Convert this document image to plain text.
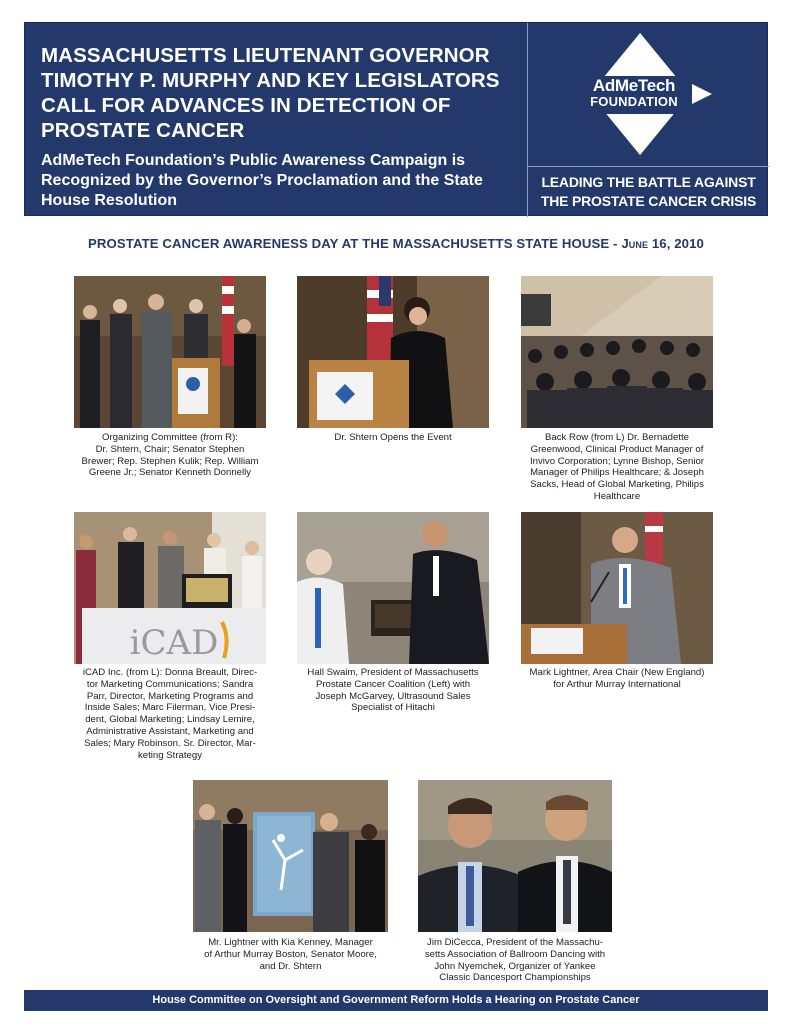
MASSACHUSETTS LIEUTENANT GOVERNOR
TIMOTHY P. MURPHY AND KEY LEGISLATORS
CALL FOR ADVANCES IN DETECTION OF
PROSTATE CANCER
AdMeTech Foundation’s Public Awareness Campaign is
Recognized by the Governor’s Proclamation and the State
House Resolution
AdMeTech
FOUNDATION
LEADING THE BATTLE AGAINST
THE PROSTATE CANCER CRISIS
PROSTATE CANCER AWARENESS DAY AT THE MASSACHUSETTS STATE HOUSE - June 16, 2010
Organizing Committee (from R):
Dr. Shtern, Chair; Senator Stephen
Brewer; Rep. Stephen Kulik; Rep. William
Greene Jr.; Senator Kenneth Donnelly
Dr. Shtern Opens the Event	Back Row (from L) Dr. Bernadette
Greenwood, Clinical Product Manager of
Invivo Corporation; Lynne Bishop, Senior
Manager of Philips Healthcare; & Joseph
Sacks, Head of Global Marketing, Philips
Healthcare
iCAD
iCAD Inc. (from L): Donna Breault, Direc-
tor Marketing Communications; Sandra
Parr, Director, Marketing Programs and
Inside Sales; Marc Filerman, Vice Presi-
dent, Global Marketing; Lindsay Lemire,
Administrative Assistant, Marketing and
Sales; Mary Robinson. Sr. Director, Mar-
keting Strategy
Hall Swaim, President of Massachusetts
Prostate Cancer Coalition (Left) with
Joseph McGarvey, Ultrasound Sales
Specialist of Hitachi
Mark Lightner, Area Chair (New England)
for Arthur Murray International
Mr. Lightner with Kia Kenney, Manager
of Arthur Murray Boston, Senator Moore,
and Dr. Shtern
Jim DiCecca, President of the Massachu-
setts Association of Ballroom Dancing with
John Nyemchek, Organizer of Yankee
Classic Dancesport Championships
House Committee on Oversight and Government Reform Holds a Hearing on Prostate Cancer
